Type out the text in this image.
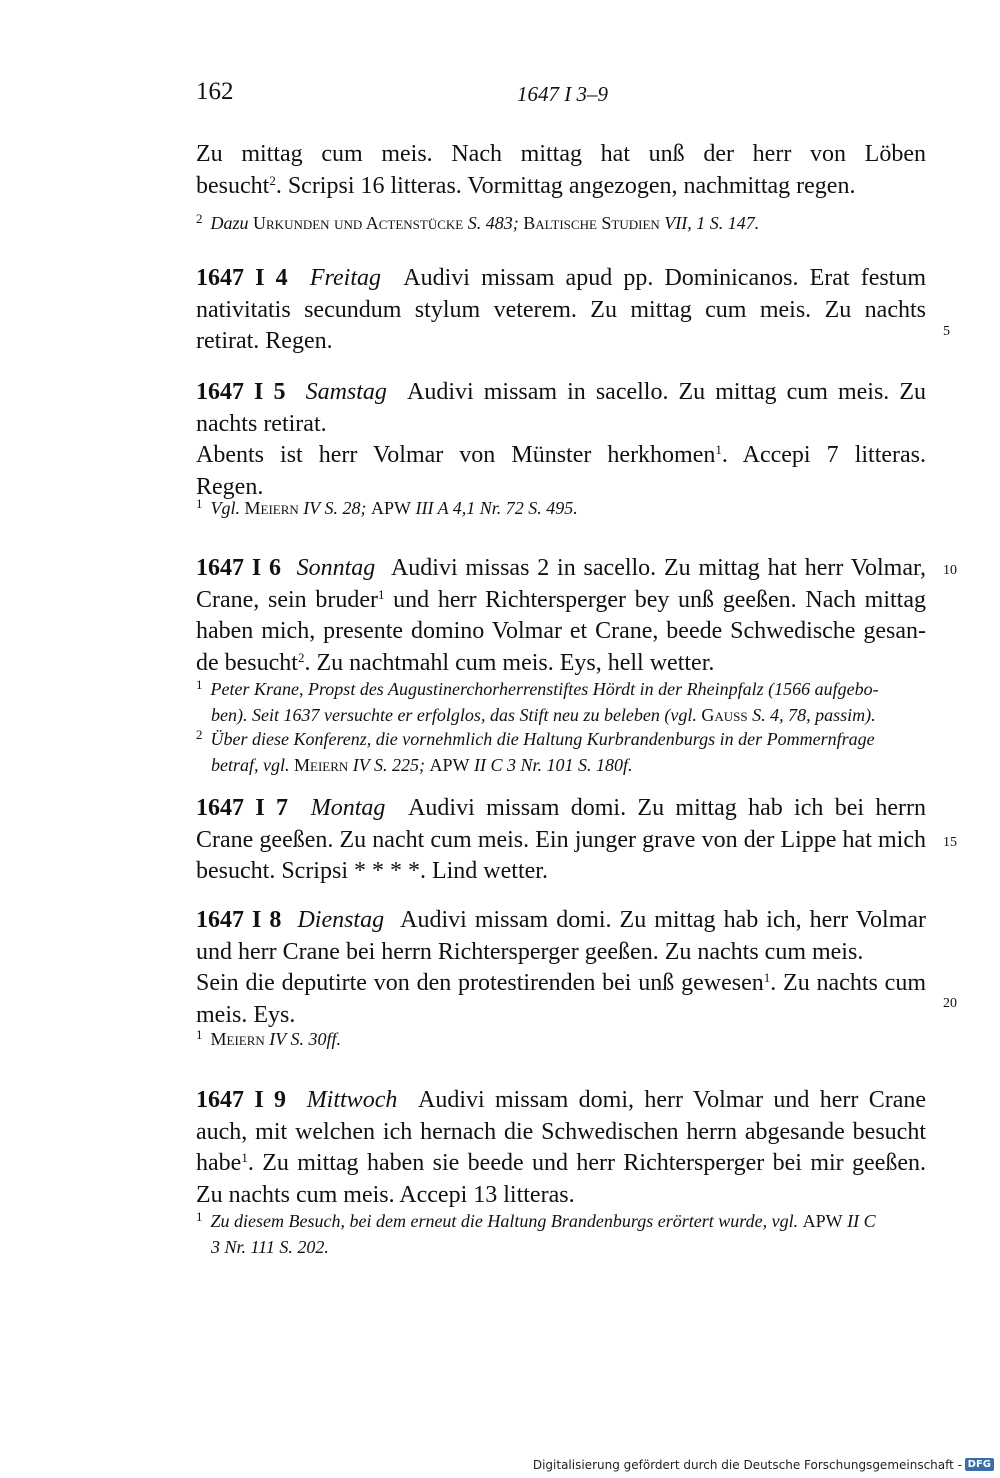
162	1647 I 3–9
Zu mittag cum meis. Nach mittag hat unß der herr von Löben
besucht$^2$. Scripsi 16 litteras. Vormittag angezogen, nachmittag regen.
$^2$ Dazu Urkunden und Actenstücke S. 483; Baltische Studien VII, 1 S. 147.
1647 I 4 Freitag Audivi missam apud pp. Dominicanos. Erat festum
nativitatis secundum stylum veterem. Zu mittag cum meis. Zu nachts
retirat. Regen.
1647 I 5 Samstag Audivi missam in sacello. Zu mittag cum meis. Zu
nachts retirat.
Abents ist herr Volmar von Münster herkhomen$^1$. Accepi 7 litteras.
Regen.
$^1$ Vgl. Meiern IV S. 28; APW III A 4,1 Nr. 72 S. 495.
1647 I 6 Sonntag Audivi missas 2 in sacello. Zu mittag hat herr Volmar,
Crane, sein bruder$^1$ und herr Richtersperger bey unß geeßen. Nach mittag
haben mich, presente domino Volmar et Crane, beede Schwedische gesan-
de besucht$^2$. Zu nachtmahl cum meis. Eys, hell wetter.
$^1$ Peter Krane, Propst des Augustinerchorherrenstiftes Hördt in der Rheinpfalz (1566 aufgebo-
ben). Seit 1637 versuchte er erfolglos, das Stift neu zu beleben (vgl. Gauss S. 4, 78, passim).
$^2$ Über diese Konferenz, die vornehmlich die Haltung Kurbrandenburgs in der Pommernfrage
betraf, vgl. Meiern IV S. 225; APW II C 3 Nr. 101 S. 180f.
1647 I 7 Montag Audivi missam domi. Zu mittag hab ich bei herrn
Crane geeßen. Zu nacht cum meis. Ein junger grave von der Lippe hat mich
besucht. Scripsi * * * *. Lind wetter.
1647 I 8 Dienstag Audivi missam domi. Zu mittag hab ich, herr Volmar
und herr Crane bei herrn Richtersperger geeßen. Zu nachts cum meis.
Sein die deputirte von den protestirenden bei unß gewesen$^1$. Zu nachts cum
meis. Eys.
$^1$ Meiern IV S. 30ff.
1647 I 9 Mittwoch Audivi missam domi, herr Volmar und herr Crane
auch, mit welchen ich hernach die Schwedischen herrn abgesande besucht
habe$^1$. Zu mittag haben sie beede und herr Richtersperger bei mir geeßen.
Zu nachts cum meis. Accepi 13 litteras.
$^1$ Zu diesem Besuch, bei dem erneut die Haltung Brandenburgs erörtert wurde, vgl. APW II C
3 Nr. 111 S. 202.
5
10
15
20
Digitalisierung gefördert durch die Deutsche Forschungsgemeinschaft - DFG
